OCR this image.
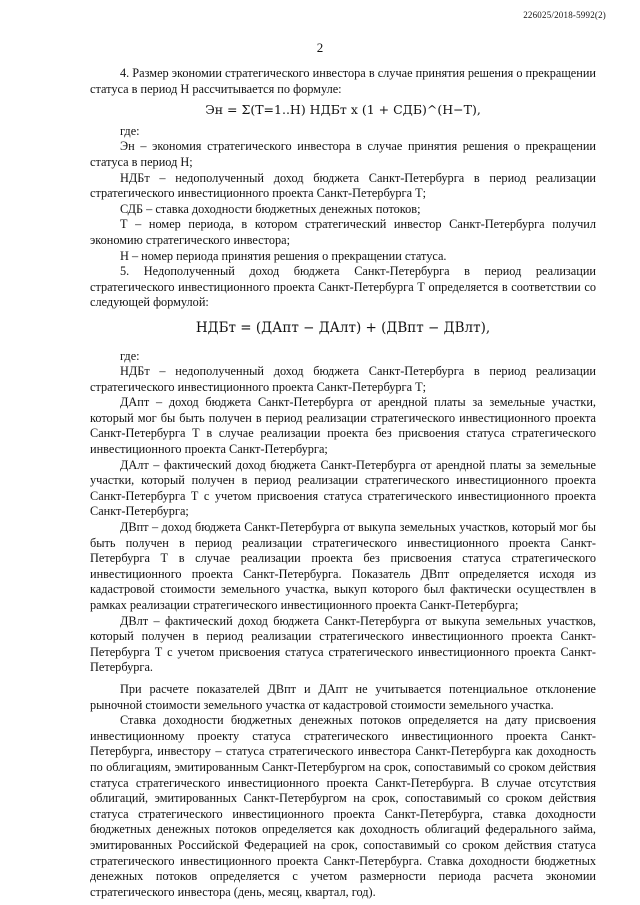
226025/2018-5992(2)
2

4. Размер экономии стратегического инвестора в случае принятия решения о прекращении статуса в период Н рассчитывается по формуле:

Эн = Σ(T=1..Н) НДБт х (1 + СДБ)^(Н−Т),

где:

Эн – экономия стратегического инвестора в случае принятия решения о прекращении статуса в период Н;

НДБт – недополученный доход бюджета Санкт-Петербурга в период реализации стратегического инвестиционного проекта Санкт-Петербурга Т;

СДБ – ставка доходности бюджетных денежных потоков;

Т – номер периода, в котором стратегический инвестор Санкт-Петербурга получил экономию стратегического инвестора;

Н – номер периода принятия решения о прекращении статуса.

5. Недополученный доход бюджета Санкт-Петербурга в период реализации стратегического инвестиционного проекта Санкт-Петербурга Т определяется в соответствии со следующей формулой:

НДБт = (ДАпт − ДАлт) + (ДВпт − ДВлт),

где:

НДБт – недополученный доход бюджета Санкт-Петербурга в период реализации стратегического инвестиционного проекта Санкт-Петербурга Т;

ДАпт – доход бюджета Санкт-Петербурга от арендной платы за земельные участки, который мог бы быть получен в период реализации стратегического инвестиционного проекта Санкт-Петербурга Т в случае реализации проекта без присвоения статуса стратегического инвестиционного проекта Санкт-Петербурга;

ДАлт – фактический доход бюджета Санкт-Петербурга от арендной платы за земельные участки, который получен в период реализации стратегического инвестиционного проекта Санкт-Петербурга Т с учетом присвоения статуса стратегического инвестиционного проекта Санкт-Петербурга;

ДВпт – доход бюджета Санкт-Петербурга от выкупа земельных участков, который мог бы быть получен в период реализации стратегического инвестиционного проекта Санкт-Петербурга Т в случае реализации проекта без присвоения статуса стратегического инвестиционного проекта Санкт-Петербурга. Показатель ДВпт определяется исходя из кадастровой стоимости земельного участка, выкуп которого был фактически осуществлен в рамках реализации стратегического инвестиционного проекта Санкт-Петербурга;

ДВлт – фактический доход бюджета Санкт-Петербурга от выкупа земельных участков, который получен в период реализации стратегического инвестиционного проекта Санкт-Петербурга Т с учетом присвоения статуса стратегического инвестиционного проекта Санкт-Петербурга.

При расчете показателей ДВпт и ДАпт не учитывается потенциальное отклонение рыночной стоимости земельного участка от кадастровой стоимости земельного участка.

Ставка доходности бюджетных денежных потоков определяется на дату присвоения инвестиционному проекту статуса стратегического инвестиционного проекта Санкт-Петербурга, инвестору – статуса стратегического инвестора Санкт-Петербурга как доходность по облигациям, эмитированным Санкт-Петербургом на срок, сопоставимый со сроком действия статуса стратегического инвестиционного проекта Санкт-Петербурга. В случае отсутствия облигаций, эмитированных Санкт-Петербургом на срок, сопоставимый со сроком действия статуса стратегического инвестиционного проекта Санкт-Петербурга, ставка доходности бюджетных денежных потоков определяется как доходность облигаций федерального займа, эмитированных Российской Федерацией на срок, сопоставимый со сроком действия статуса стратегического инвестиционного проекта Санкт-Петербурга. Ставка доходности бюджетных денежных потоков определяется с учетом размерности периода расчета экономии стратегического инвестора (день, месяц, квартал, год).
